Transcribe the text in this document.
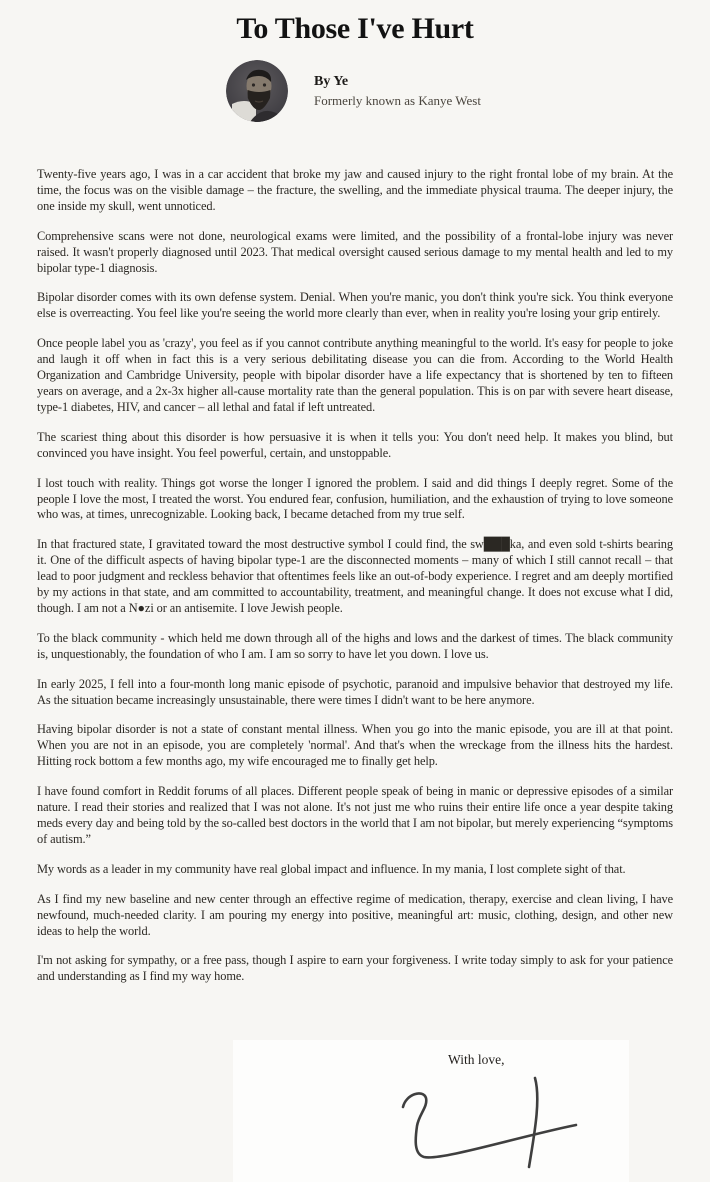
To Those I've Hurt
By Ye
Formerly known as Kanye West

Twenty-five years ago, I was in a car accident that broke my jaw and caused injury to the right frontal lobe of my brain. At the time, the focus was on the visible damage – the fracture, the swelling, and the immediate physical trauma. The deeper injury, the one inside my skull, went unnoticed.

Comprehensive scans were not done, neurological exams were limited, and the possibility of a frontal-lobe injury was never raised. It wasn't properly diagnosed until 2023. That medical oversight caused serious damage to my mental health and led to my bipolar type-1 diagnosis.

Bipolar disorder comes with its own defense system. Denial. When you're manic, you don't think you're sick. You think everyone else is overreacting. You feel like you're seeing the world more clearly than ever, when in reality you're losing your grip entirely.

Once people label you as 'crazy', you feel as if you cannot contribute anything meaningful to the world. It's easy for people to joke and laugh it off when in fact this is a very serious debilitating disease you can die from. According to the World Health Organization and Cambridge University, people with bipolar disorder have a life expectancy that is shortened by ten to fifteen years on average, and a 2x-3x higher all-cause mortality rate than the general population. This is on par with severe heart disease, type-1 diabetes, HIV, and cancer – all lethal and fatal if left untreated.

The scariest thing about this disorder is how persuasive it is when it tells you: You don't need help. It makes you blind, but convinced you have insight. You feel powerful, certain, and unstoppable.

I lost touch with reality. Things got worse the longer I ignored the problem. I said and did things I deeply regret. Some of the people I love the most, I treated the worst. You endured fear, confusion, humiliation, and the exhaustion of trying to love someone who was, at times, unrecognizable. Looking back, I became detached from my true self.

In that fractured state, I gravitated toward the most destructive symbol I could find, the sw███ka, and even sold t-shirts bearing it. One of the difficult aspects of having bipolar type-1 are the disconnected moments – many of which I still cannot recall – that lead to poor judgment and reckless behavior that oftentimes feels like an out-of-body experience. I regret and am deeply mortified by my actions in that state, and am committed to accountability, treatment, and meaningful change. It does not excuse what I did, though. I am not a N●zi or an antisemite. I love Jewish people.

To the black community - which held me down through all of the highs and lows and the darkest of times. The black community is, unquestionably, the foundation of who I am. I am so sorry to have let you down. I love us.

In early 2025, I fell into a four-month long manic episode of psychotic, paranoid and impulsive behavior that destroyed my life. As the situation became increasingly unsustainable, there were times I didn't want to be here anymore.

Having bipolar disorder is not a state of constant mental illness. When you go into the manic episode, you are ill at that point. When you are not in an episode, you are completely 'normal'. And that's when the wreckage from the illness hits the hardest. Hitting rock bottom a few months ago, my wife encouraged me to finally get help.

I have found comfort in Reddit forums of all places. Different people speak of being in manic or depressive episodes of a similar nature. I read their stories and realized that I was not alone. It's not just me who ruins their entire life once a year despite taking meds every day and being told by the so-called best doctors in the world that I am not bipolar, but merely experiencing “symptoms of autism.”

My words as a leader in my community have real global impact and influence. In my mania, I lost complete sight of that.

As I find my new baseline and new center through an effective regime of medication, therapy, exercise and clean living, I have newfound, much-needed clarity. I am pouring my energy into positive, meaningful art: music, clothing, design, and other new ideas to help the world.

I'm not asking for sympathy, or a free pass, though I aspire to earn your forgiveness. I write today simply to ask for your patience and understanding as I find my way home.

With love,
